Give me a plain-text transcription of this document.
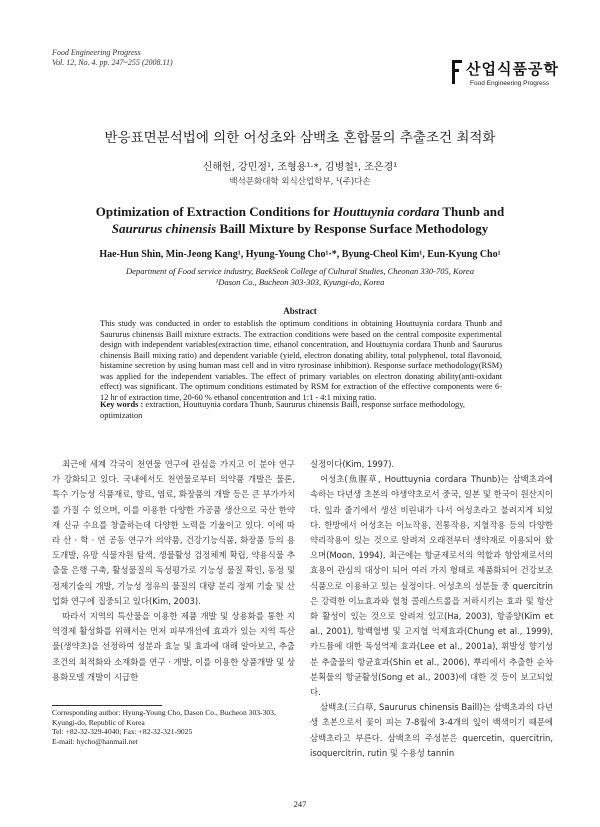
Food Engineering Progress
Vol. 12, No. 4. pp. 247~255 (2008.11)	산업식품공학
Food Engineering Progress
반응표면분석법에 의한 어성초와 삼백초 혼합물의 추출조건 최적화
신해헌, 강민정¹, 조형용¹·*, 김병철¹, 조은경¹
백석문화대학 외식산업학부, ¹(주)다손
Optimization of Extraction Conditions for Houttuynia cordara Thunb and
Saururus chinensis Baill Mixture by Response Surface Methodology
Hae-Hun Shin, Min-Jeong Kang¹, Hyung-Young Cho¹·*, Byung-Cheol Kim¹, Eun-Kyung Cho¹
Department of Food service industry, BaekSeok College of Cultural Studies, Cheonan 330-705, Korea
¹Dason Co., Bucheon 303-303, Kyungi-do, Korea
Abstract
This study was conducted in order to establish the optimum conditions in obtaining Houttuynia cordara Thunb and Saururus chinensis Baill mixture extracts. The extraction conditions were based on the central composite experimental design with independent variables(extraction time, ethanol concentration, and Houttuynia cordara Thunb and Saururus chinensis Baill mixing ratio) and dependent variable (yield, electron donating ability, total polyphenol, total flavonoid, histamine secretion by using human mast cell and in vitro tyrosinase inhibition). Response surface methodology(RSM) was applied for the independent variables. The effect of primary variables on electron donating ability(anti-oxidant effect) was significant. The optimum conditions estimated by RSM for extraction of the effective components were 6-12 hr of extraction time, 20-60 % ethanol concentration and 1:1 - 4:1 mixing ratio.
Key words : extraction, Houttuynia cordara Thunb, Saururus chinensis Baill, response surface methodology, optimization

최근에 세계 각국이 천연물 연구에 관심을 가지고 이 분야 연구가 강화되고 있다. 국내에서도 천연물로부터 의약품 개발은 물론, 특수 기능성 식품재료, 향료, 염료, 화장품의 개발 등은 큰 부가가치를 가질 수 있으며, 이를 이용한 다양한 가공품 생산으로 국산 한약재 신규 수요를 창출하는데 다양한 노력을 기울이고 있다. 이에 따라 산 · 학 · 연 공동 연구가 의약품, 건강기능식품, 화장품 등의 용도개발, 유망 식물자원 탐색, 생물활성 검정체계 확립, 약용식물 추출물 은행 구축, 활성물질의 독성평가로 기능성 물질 확인, 동정 및 정제기술의 개발, 기능성 정유의 물질의 대량 분리 정제 기술 및 산업화 연구에 집중되고 있다(Kim, 2003).

따라서 지역의 특산물을 이용한 제품 개발 및 상용화를 통한 지역경제 활성화를 위해서는 먼저 피부개선에 효과가 있는 지역 특산물(생약초)을 선정하여 성분과 효능 및 효과에 대해 알아보고, 추출 조건의 최적화와 소재화를 연구 · 개발, 이를 이용한 상품개발 및 상용화모델 개발이 시급한

실정이다(Kim, 1997).

어성초(魚腥草, Houttuynia cordara Thunb)는 삼백초과에 속하는 다년생 초본의 야생약초로서 중국, 일본 및 한국이 원산지이다. 잎과 줄기에서 생선 비린내가 나서 어성초라고 불려지게 되었다. 한방에서 어성초는 이뇨작용, 진통작용, 지혈작용 등의 다양한 약리작용이 있는 것으로 알려져 오래전부터 생약재로 이용되어 왔으며(Moon, 1994), 최근에는 항균제로서의 역할과 항암제로서의 효용이 관심의 대상이 되어 여러 가지 형태로 제품화되어 건강보조식품으로 이용하고 있는 실정이다. 어성초의 성분들 중 quercitrin은 강력한 이뇨효과와 혈청 콜레스트롤을 저하시키는 효과 및 항산화 활성이 있는 것으로 알려져 있고(Ha, 2003), 항종양(Kim et al., 2001), 항백혈병 및 고지혈 억제효과(Chung et al., 1999), 카드뮴에 대한 독성억제 효과(Lee et al., 2001a), 휘발성 향기성분 추출물의 항균효과(Shin et al., 2006), 뿌리에서 추출한 순차 분획물의 항균활성(Song et al., 2003)에 대한 것 등이 보고되었다.

삼백초(三白草, Saururus chinensis Baill)는 삼백초과의 다년생 초본으로서 꽃이 피는 7-8월에 3-4개의 잎이 백색이기 때문에 삼백초라고 부른다. 삼백초의 주성분은 quercetin, quercitrin, isoquercitrin, rutin 및 수용성 tannin

Corresponding author: Hyung-Young Cho, Dason Co., Bucheon 303-303, Kyungi-do, Republic of Korea
Tel: +82-32-329-4040; Fax: +82-32-321-9025
E-mail: hycho@hanmail.net
247
